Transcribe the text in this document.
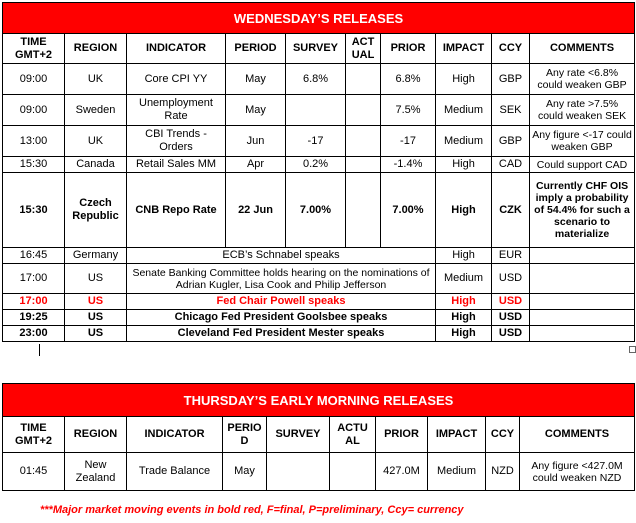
WEDNESDAY’S RELEASES									
TIME GMT+2	REGION	INDICATOR	PERIOD	SURVEY	ACT UAL	PRIOR	IMPACT	CCY	COMMENTS
09:00	UK	Core CPI YY	May	6.8%		6.8%	High	GBP	Any rate <6.8% could weaken GBP
09:00	Sweden	Unemployment Rate	May			7.5%	Medium	SEK	Any rate >7.5% could weaken SEK
13:00	UK	CBI Trends - Orders	Jun	-17		-17	Medium	GBP	Any figure <-17 could weaken GBP
15:30	Canada	Retail Sales MM	Apr	0.2%		-1.4%	High	CAD	Could support CAD
15:30	Czech Republic	CNB Repo Rate	22 Jun	7.00%		7.00%	High	CZK	Currently CHF OIS imply a probability of 54.4% for such a scenario to materialize
16:45	Germany	ECB’s Schnabel speaks					High	EUR	
17:00	US	Senate Banking Committee holds hearing on the nominations of Adrian Kugler, Lisa Cook and Philip Jefferson					Medium	USD	
17:00	US	Fed Chair Powell speaks					High	USD	
19:25	US	Chicago Fed President Goolsbee speaks					High	USD	
23:00	US	Cleveland Fed President Mester speaks					High	USD	
THURSDAY’S EARLY MORNING RELEASES									
TIME GMT+2	REGION	INDICATOR	PERIO D	SURVEY	ACTU AL	PRIOR	IMPACT	CCY	COMMENTS
01:45	New Zealand	Trade Balance	May			427.0M	Medium	NZD	Any figure <427.0M could weaken NZD
***Major market moving events in bold red, F=final, P=preliminary, Ccy= currency
